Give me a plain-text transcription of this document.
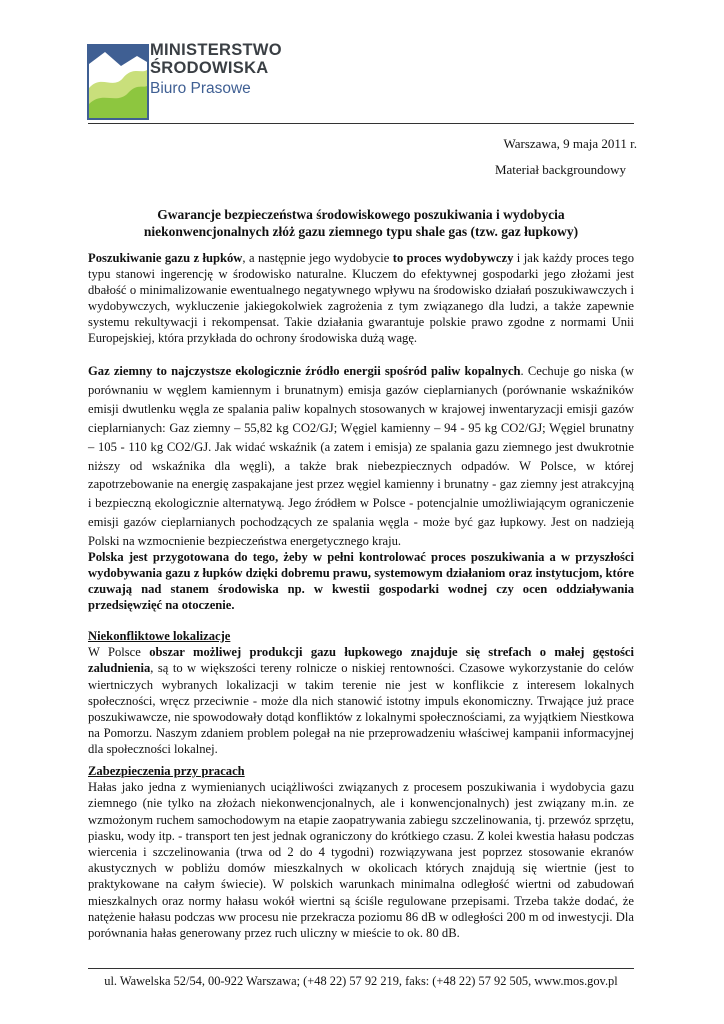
MINISTERSTWO
ŚRODOWISKA
Biuro Prasowe
Warszawa, 9 maja 2011 r.
Materiał backgroundowy
Gwarancje bezpieczeństwa środowiskowego poszukiwania i wydobycia
niekonwencjonalnych złóż gazu ziemnego typu shale gas (tzw. gaz łupkowy)
Poszukiwanie gazu z łupków, a następnie jego wydobycie to proces wydobywczy i jak każdy proces tego typu stanowi ingerencję w środowisko naturalne. Kluczem do efektywnej gospodarki jego złożami jest dbałość o minimalizowanie ewentualnego negatywnego wpływu na środowisko działań poszukiwawczych i wydobywczych, wykluczenie jakiegokolwiek zagrożenia z tym związanego dla ludzi, a także zapewnie systemu rekultywacji i rekompensat. Takie działania gwarantuje polskie prawo zgodne z normami Unii Europejskiej, która przykłada do ochrony środowiska dużą wagę.
Gaz ziemny to najczystsze ekologicznie źródło energii spośród paliw kopalnych. Cechuje go niska (w porównaniu w węglem kamiennym i brunatnym) emisja gazów cieplarnianych (porównanie wskaźników emisji dwutlenku węgla ze spalania paliw kopalnych stosowanych w krajowej inwentaryzacji emisji gazów cieplarnianych: Gaz ziemny – 55,82 kg CO2/GJ; Węgiel kamienny – 94 - 95 kg CO2/GJ; Węgiel brunatny – 105 - 110 kg CO2/GJ. Jak widać wskaźnik (a zatem i emisja) ze spalania gazu ziemnego jest dwukrotnie niższy od wskaźnika dla węgli), a także brak niebezpiecznych odpadów. W Polsce, w której zapotrzebowanie na energię zaspakajane jest przez węgiel kamienny i brunatny - gaz ziemny jest atrakcyjną i bezpieczną ekologicznie alternatywą. Jego źródłem w Polsce - potencjalnie umożliwiającym ograniczenie emisji gazów cieplarnianych pochodzących ze spalania węgla - może być gaz łupkowy. Jest on nadzieją Polski na wzmocnienie bezpieczeństwa energetycznego kraju.
Polska jest przygotowana do tego, żeby w pełni kontrolować proces poszukiwania a w przyszłości wydobywania gazu z łupków dzięki dobremu prawu, systemowym działaniom oraz instytucjom, które czuwają nad stanem środowiska np. w kwestii gospodarki wodnej czy ocen oddziaływania przedsięwzięć na otoczenie.
Niekonfliktowe lokalizacje
W Polsce obszar możliwej produkcji gazu łupkowego znajduje się strefach o małej gęstości zaludnienia, są to w większości tereny rolnicze o niskiej rentowności. Czasowe wykorzystanie do celów wiertniczych wybranych lokalizacji w takim terenie nie jest w konflikcie z interesem lokalnych społeczności, wręcz przeciwnie - może dla nich stanowić istotny impuls ekonomiczny. Trwające już prace poszukiwawcze, nie spowodowały dotąd konfliktów z lokalnymi społecznościami, za wyjątkiem Niestkowa na Pomorzu. Naszym zdaniem problem polegał na nie przeprowadzeniu właściwej kampanii informacyjnej dla społeczności lokalnej.
Zabezpieczenia przy pracach
Hałas jako jedna z wymienianych uciążliwości związanych z procesem poszukiwania i wydobycia gazu ziemnego (nie tylko na złożach niekonwencjonalnych, ale i konwencjonalnych) jest związany m.in. ze wzmożonym ruchem samochodowym na etapie zaopatrywania zabiegu szczelinowania, tj. przewóz sprzętu, piasku, wody itp. - transport ten jest jednak ograniczony do krótkiego czasu. Z kolei kwestia hałasu podczas wiercenia i szczelinowania (trwa od 2 do 4 tygodni) rozwiązywana jest poprzez stosowanie ekranów akustycznych w pobliżu domów mieszkalnych w okolicach których znajdują się wiertnie (jest to praktykowane na całym świecie). W polskich warunkach minimalna odległość wiertni od zabudowań mieszkalnych oraz normy hałasu wokół wiertni są ściśle regulowane przepisami. Trzeba także dodać, że natężenie hałasu podczas ww procesu nie przekracza poziomu 86 dB w odległości 200 m od inwestycji. Dla porównania hałas generowany przez ruch uliczny w mieście to ok. 80 dB.
ul. Wawelska 52/54, 00-922 Warszawa; (+48 22) 57 92 219, faks: (+48 22) 57 92 505, www.mos.gov.pl
